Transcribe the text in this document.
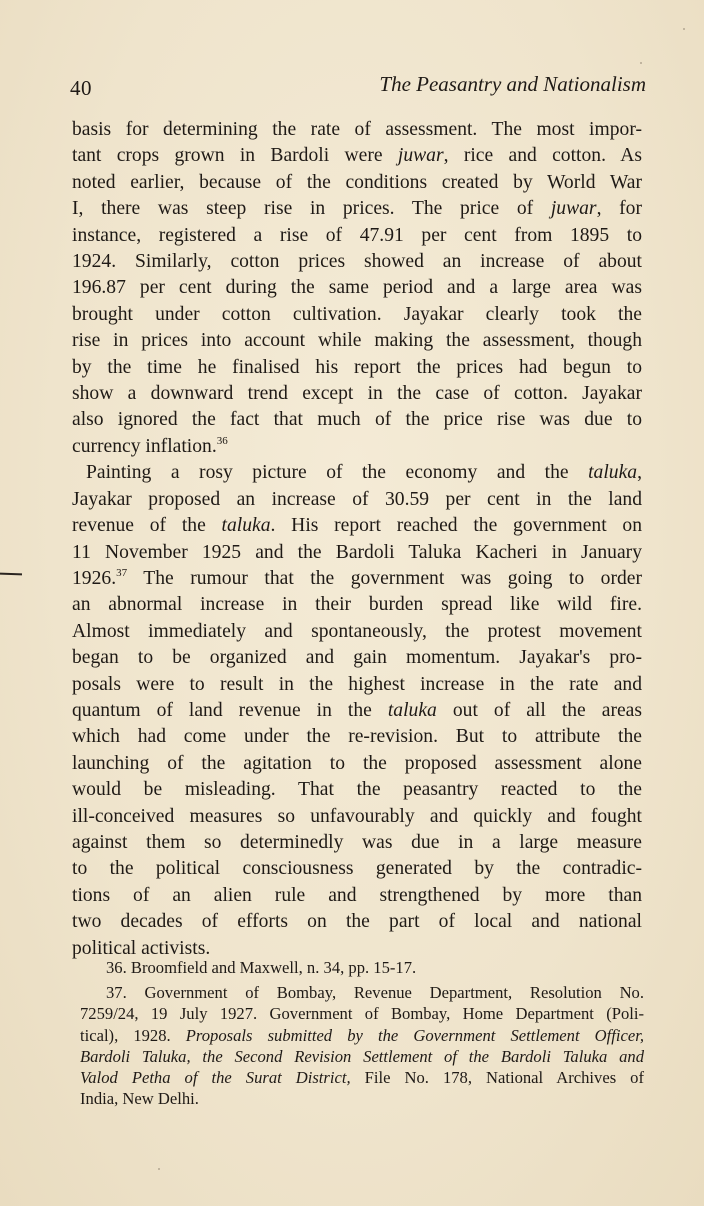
40	The Peasantry and Nationalism
basis for determining the rate of assessment. The most impor-
tant crops grown in Bardoli were juwar, rice and cotton. As
noted earlier, because of the conditions created by World War
I, there was steep rise in prices. The price of juwar, for
instance, registered a rise of 47.91 per cent from 1895 to
1924. Similarly, cotton prices showed an increase of about
196.87 per cent during the same period and a large area was
brought under cotton cultivation. Jayakar clearly took the
rise in prices into account while making the assessment, though
by the time he finalised his report the prices had begun to
show a downward trend except in the case of cotton. Jayakar
also ignored the fact that much of the price rise was due to
currency inflation.$^{36}$
Painting a rosy picture of the economy and the taluka,
Jayakar proposed an increase of 30.59 per cent in the land
revenue of the taluka. His report reached the government on
11 November 1925 and the Bardoli Taluka Kacheri in January
1926.37 The rumour that the government was going to order
an abnormal increase in their burden spread like wild fire.
Almost immediately and spontaneously, the protest movement
began to be organized and gain momentum. Jayakar's pro-
posals were to result in the highest increase in the rate and
quantum of land revenue in the taluka out of all the areas
which had come under the re-revision. But to attribute the
launching of the agitation to the proposed assessment alone
would be misleading. That the peasantry reacted to the
ill-conceived measures so unfavourably and quickly and fought
against them so determinedly was due in a large measure
to the political consciousness generated by the contradic-
tions of an alien rule and strengthened by more than
two decades of efforts on the part of local and national
political activists.
36. Broomfield and Maxwell, n. 34, pp. 15-17.
37. Government of Bombay, Revenue Department, Resolution No.
7259/24, 19 July 1927. Government of Bombay, Home Department (Poli-
tical), 1928. Proposals submitted by the Government Settlement Officer,
Bardoli Taluka, the Second Revision Settlement of the Bardoli Taluka and
Valod Petha of the Surat District, File No. 178, National Archives of
India, New Delhi.
